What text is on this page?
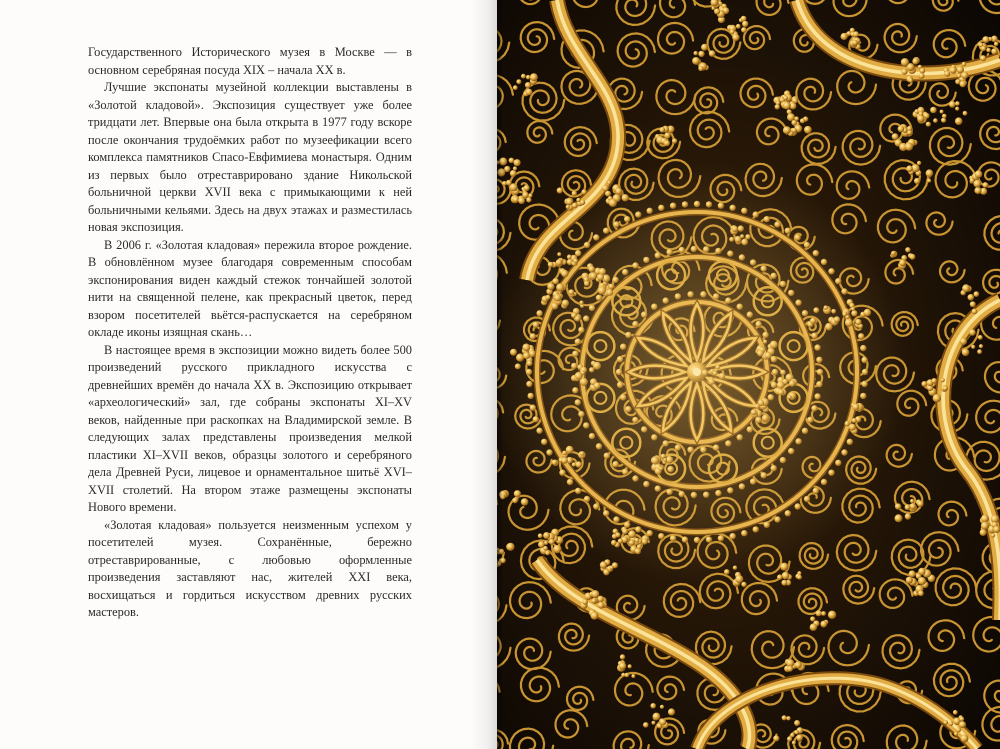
Государственного Исторического музея в Москве — в основном серебряная посуда XIX – начала XX в.

Лучшие экспонаты музейной коллекции выставлены в «Золотой кладовой». Экспозиция существует уже более тридцати лет. Впервые она была открыта в 1977 году вскоре после окончания трудоёмких работ по музеефикации всего комплекса памятников Спасо-Евфимиева монастыря. Одним из первых было отреставрировано здание Никольской больничной церкви XVII века с примыкающими к ней больничными кельями. Здесь на двух этажах и разместилась новая экспозиция.

В 2006 г. «Золотая кладовая» пережила второе рождение. В обновлённом музее благодаря современным способам экспонирования виден каждый стежок тончайшей золотой нити на священной пелене, как прекрасный цветок, перед взором посетителей вьётся-распускается на серебряном окладе иконы изящная скань…

В настоящее время в экспозиции можно видеть более 500 произведений русского прикладного искусства с древнейших времён до начала XX в. Экспозицию открывает «археологический» зал, где собраны экспонаты XI–XV веков, найденные при раскопках на Владимирской земле. В следующих залах представлены произведения мелкой пластики XI–XVII веков, образцы золотого и серебряного дела Древней Руси, лицевое и орнаментальное шитьё XVI–XVII столетий. На втором этаже размещены экспонаты Нового времени.

«Золотая кладовая» пользуется неизменным успехом у посетителей музея. Сохранённые, бережно отреставрированные, с любовью оформленные произведения заставляют нас, жителей XXI века, восхищаться и гордиться искусством древних русских мастеров.
